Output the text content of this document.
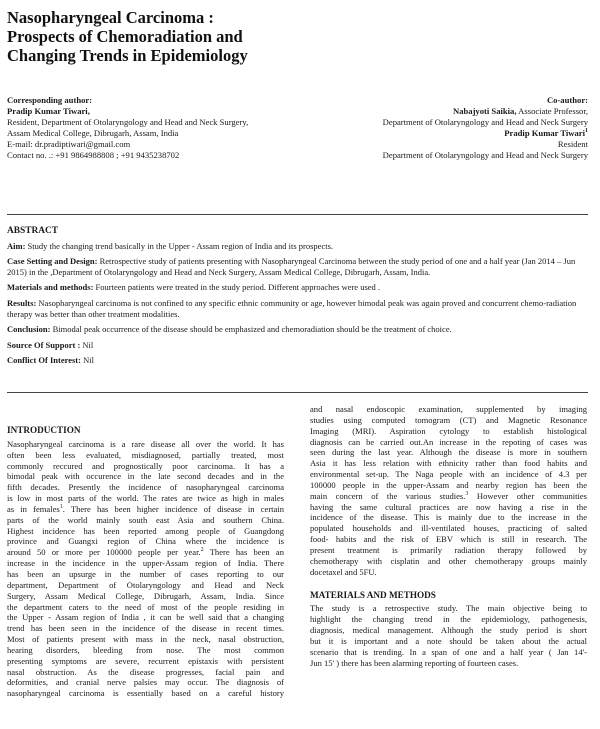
Nasopharyngeal Carcinoma :
Prospects of Chemoradiation and
Changing Trends in Epidemiology
Corresponding author:
Pradip Kumar Tiwari,
Resident, Department of Otolaryngology and Head and Neck Surgery,
Assam Medical College, Dibrugarh, Assam, India
E-mail: dr.pradiptiwari@gmail.com
Contact no. .: +91 9864988808 ; +91 9435238702
Co-author:
Nabajyoti Saikia, Associate Professor,
Department of Otolaryngology and Head and Neck Surgery
Pradip Kumar Tiwari$^1$
Resident
Department of Otolaryngology and Head and Neck Surgery
ABSTRACT

Aim: Study the changing trend basically in the Upper - Assam region of India and its prospects.

Case Setting and Design: Retrospective study of patients presenting with Nasopharyngeal Carcinoma between the study period of one and a half year (Jan 2014 – Jun 2015) in the ,Department of Otolaryngology and Head and Neck Surgery, Assam Medical College, Dibrugarh, Assam, India.

Materials and methods: Fourteen patients were treated in the study period. Different approaches were used .

Results: Nasopharyngeal carcinoma is not confined to any specific ethnic community or age, however bimodal peak was again proved and concurrent chemo-radiation therapy was better than other treatment modalities.

Conclusion: Bimodal peak occurrence of the disease should be emphasized and chemoradiation should be the treatment of choice.

Source Of Support : Nil

Conflict Of Interest: Nil

INTRODUCTION
Nasopharyngeal carcinoma is a rare disease all over the world. It has
often been less evaluated, misdiagnosed, partially treated, most
commonly reccured and prognostically poor carcinoma. It has a
bimodal peak with occurence in the late second decades and in the
fifth decades. Presently the incidence of nasopharyngeal carcinoma
is low in most parts of the world. The rates are twice as high in males
as in females$^1$. There has been higher incidence of disease in certain
parts of the world mainly south east Asia and southern China.
Highest incidence has been reported among people of Guangdong
province and Guangxi region of China where the incidence is
around 50 or more per 100000 people per year.$^2$ There has been an
increase in the incidence in the upper-Assam region of India. There
has been an upsurge in the number of cases reporting to our
department, Department of Otolaryngology and Head and Neck
Surgery, Assam Medical College, Dibrugarh, Assam, India. Since
the department caters to the need of most of the people residing in
the Upper - Assam region of India , it can be well said that a changing
trend has been seen in the incidence of the disease in recent times.
Most of patients present with mass in the neck, nasal obstruction,
hearing disorders, bleeding from nose. The most common
presenting symptoms are severe, recurrent epistaxis with persistent
nasal obstruction. As the disease progresses, facial pain and
deformities, and cranial nerve palsies may occur. The diagnosis of
nasopharyngeal carcinoma is essentially based on a careful history
and nasal endoscopic examination, supplemented by imaging
studies using computed tomogram (CT) and Magnetic Resonance
Imaging (MRI). Aspiration cytology to establish histological
diagnosis can be carried out.An increase in the repoting of cases was
seen during the last year. Although the disease is more in southern
Asia it has less relation with ethnicity rather than food habits and
environmental set-up. The Naga people with an incidence of 4.3 per
100000 people in the upper-Assam and nearby region has been the
main concern of the various studies.$^3$ However other communities
having the same cultural practices are now having a rise in the
incidence of the disease. This is mainly due to the increase in the
populated households and ill-ventilated houses, practicing of salted
food- habits and the risk of EBV which is still in research. The
present treatment is primarily radiation therapy followed by
chemotherapy with cisplatin and other chemotherapy groups mainly
docetaxel and 5FU.
MATERIALS AND METHODS
The study is a retrospective study. The main objective being to
highlight the changing trend in the epidemiology, pathogenesis,
diagnosis, medical management. Although the study period is short
but it is important and a note should be taken about the actual
scenario that is trending. In a span of one and a half year ( Jan 14'-
Jun 15' ) there has been alarming reporting of fourteen cases.
